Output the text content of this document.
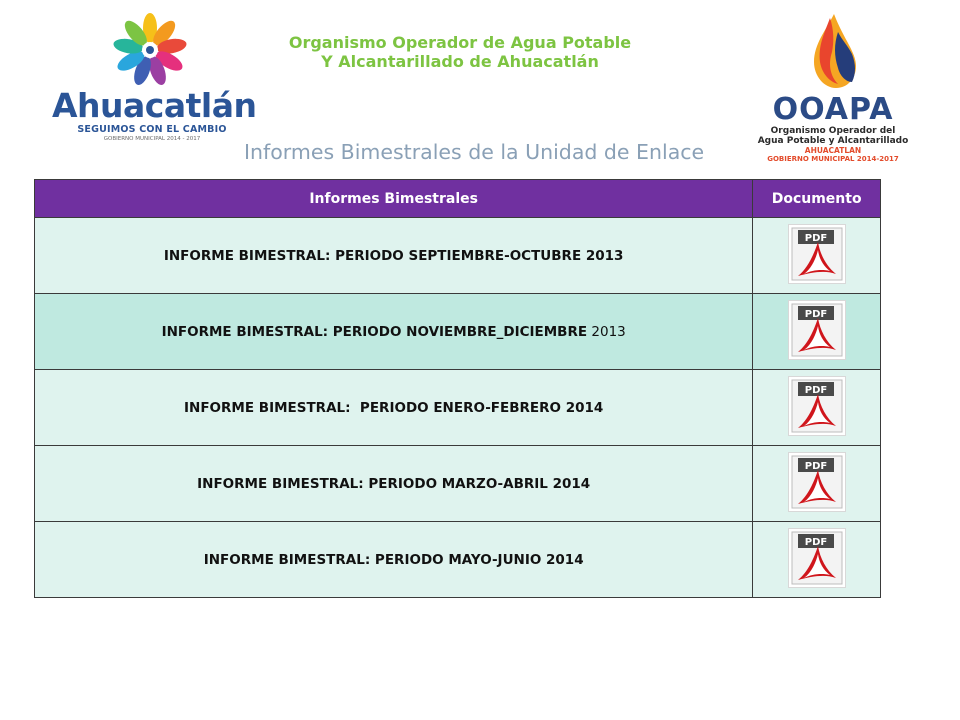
Ahuacatlán
SEGUIMOS CON EL CAMBIO
GOBIERNO MUNICIPAL 2014 - 2017
Organismo Operador de Agua Potable
Y Alcantarillado de Ahuacatlán
Informes Bimestrales de la Unidad de Enlace
OOAPA
Organismo Operador del
Agua Potable y Alcantarillado
AHUACATLAN
GOBIERNO MUNICIPAL 2014-2017
Informes Bimestrales	Documento
INFORME BIMESTRAL: PERIODO SEPTIEMBRE-OCTUBRE 2013	PDF

INFORME BIMESTRAL: PERIODO NOVIEMBRE_DICIEMBRE 2013	PDF

INFORME BIMESTRAL:  PERIODO ENERO-FEBRERO 2014	PDF

INFORME BIMESTRAL: PERIODO MARZO-ABRIL 2014	PDF

INFORME BIMESTRAL: PERIODO MAYO-JUNIO 2014	PDF
